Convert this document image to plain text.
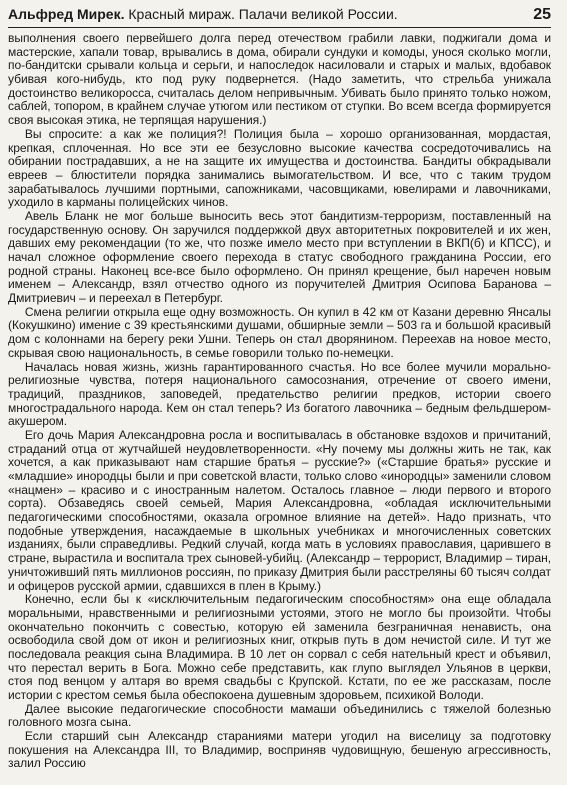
Альфред Мирек. Красный мираж. Палачи великой России.	25

выполнения своего первейшего долга перед отечеством грабили лавки, поджигали дома и мастерские, хапали товар, врывались в дома, обирали сундуки и комоды, унося сколько могли, по-бандитски срывали кольца и серьги, и напоследок насиловали и старых и малых, вдобавок убивая кого-нибудь, кто под руку подвернется. (Надо заметить, что стрельба унижала достоинство великоросса, считалась делом непривычным. Убивать было принято только ножом, саблей, топором, в крайнем случае утюгом или пестиком от ступки. Во всем всегда формируется своя высокая этика, не терпящая нарушения.)

Вы спросите: а как же полиция?! Полиция была – хорошо организованная, мордастая, крепкая, сплоченная. Но все эти ее безусловно высокие качества сосредоточивались на обирании пострадавших, а не на защите их имущества и достоинства. Бандиты обкрадывали евреев – блюстители порядка занимались вымогательством. И все, что с таким трудом зарабатывалось лучшими портными, сапожниками, часовщиками, ювелирами и лавочниками, уходило в карманы полицейских чинов.

Авель Бланк не мог больше выносить весь этот бандитизм-терроризм, поставленный на государственную основу. Он заручился поддержкой двух авторитетных покровителей и их жен, давших ему рекомендации (то же, что позже имело место при вступлении в ВКП(б) и КПСС), и начал сложное оформление своего перехода в статус свободного гражданина России, его родной страны. Наконец все-все было оформлено. Он принял крещение, был наречен новым именем – Александр, взял отчество одного из поручителей Дмитрия Осипова Баранова – Дмитриевич – и переехал в Петербург.

Смена религии открыла еще одну возможность. Он купил в 42 км от Казани деревню Янсалы (Кокушкино) имение с 39 крестьянскими душами, обширные земли – 503 га и большой красивый дом с колоннами на берегу реки Ушни. Теперь он стал дворянином. Переехав на новое место, скрывая свою национальность, в семье говорили только по-немецки.

Началась новая жизнь, жизнь гарантированного счастья. Но все более мучили морально-религиозные чувства, потеря национального самосознания, отречение от своего имени, традиций, праздников, заповедей, предательство религии предков, истории своего многострадального народа. Кем он стал теперь? Из богатого лавочника – бедным фельдшером-акушером.

Его дочь Мария Александровна росла и воспитывалась в обстановке вздохов и причитаний, страданий отца от жутчайшей неудовлетворенности. «Ну почему мы должны жить не так, как хочется, а как приказывают нам старшие братья – русские?» («Старшие братья» русские и «младшие» инородцы были и при советской власти, только слово «инородцы» заменили словом «нацмен» – красиво и с иностранным налетом. Осталось главное – люди первого и второго сорта). Обзаведясь своей семьей, Мария Александровна, «обладая исключительными педагогическими способностями, оказала огромное влияние на детей». Надо признать, что подобные утверждения, насаждаемые в школьных учебниках и многочисленных советских изданиях, были справедливы. Редкий случай, когда мать в условиях православия, царившего в стране, вырастила и воспитала трех сыновей-убийц. (Александр – террорист, Владимир – тиран, уничтоживший пять миллионов россиян, по приказу Дмитрия были расстреляны 60 тысяч солдат и офицеров русской армии, сдавшихся в плен в Крыму.)

Конечно, если бы к «исключительным педагогическим способностям» она еще обладала моральными, нравственными и религиозными устоями, этого не могло бы произойти. Чтобы окончательно покончить с совестью, которую ей заменила безграничная ненависть, она освободила свой дом от икон и религиозных книг, открыв путь в дом нечистой силе. И тут же последовала реакция сына Владимира. В 10 лет он сорвал с себя нательный крест и объявил, что перестал верить в Бога. Можно себе представить, как глупо выглядел Ульянов в церкви, стоя под венцом у алтаря во время свадьбы с Крупской. Кстати, по ее же рассказам, после истории с крестом семья была обеспокоена душевным здоровьем, психикой Володи.

Далее высокие педагогические способности мамаши объединились с тяжелой болезнью головного мозга сына.

Если старший сын Александр стараниями матери угодил на виселицу за подготовку покушения на Александра III, то Владимир, восприняв чудовищную, бешеную агрессивность, залил Россию
